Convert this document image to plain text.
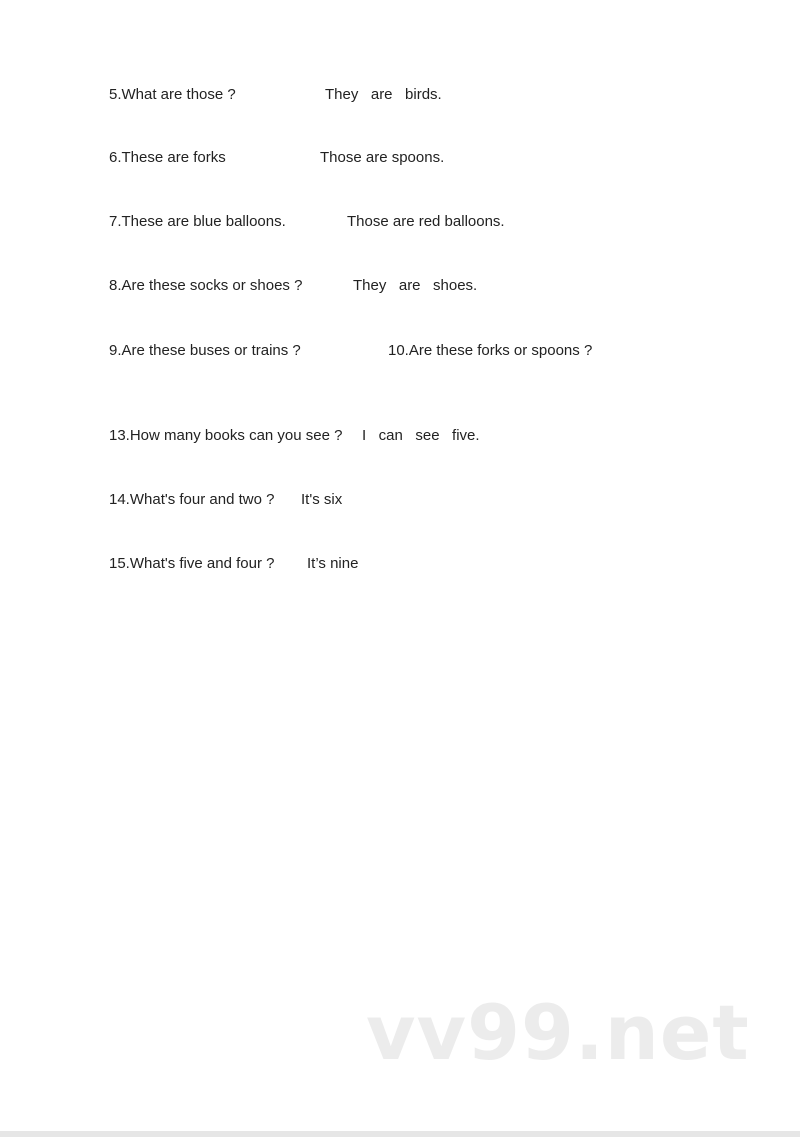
5.What are those ?	They   are   birds.

6.These are forks	Those are spoons.

7.These are blue balloons.	Those are red balloons.

8.Are these socks or shoes ?	They   are   shoes.

9.Are these buses or trains ?	10.Are these forks or spoons ?

13.How many books can you see ? I   can   see   five.

14.What's four and two ? It's six

15.What's five and four ? It’s nine

vv99.net
